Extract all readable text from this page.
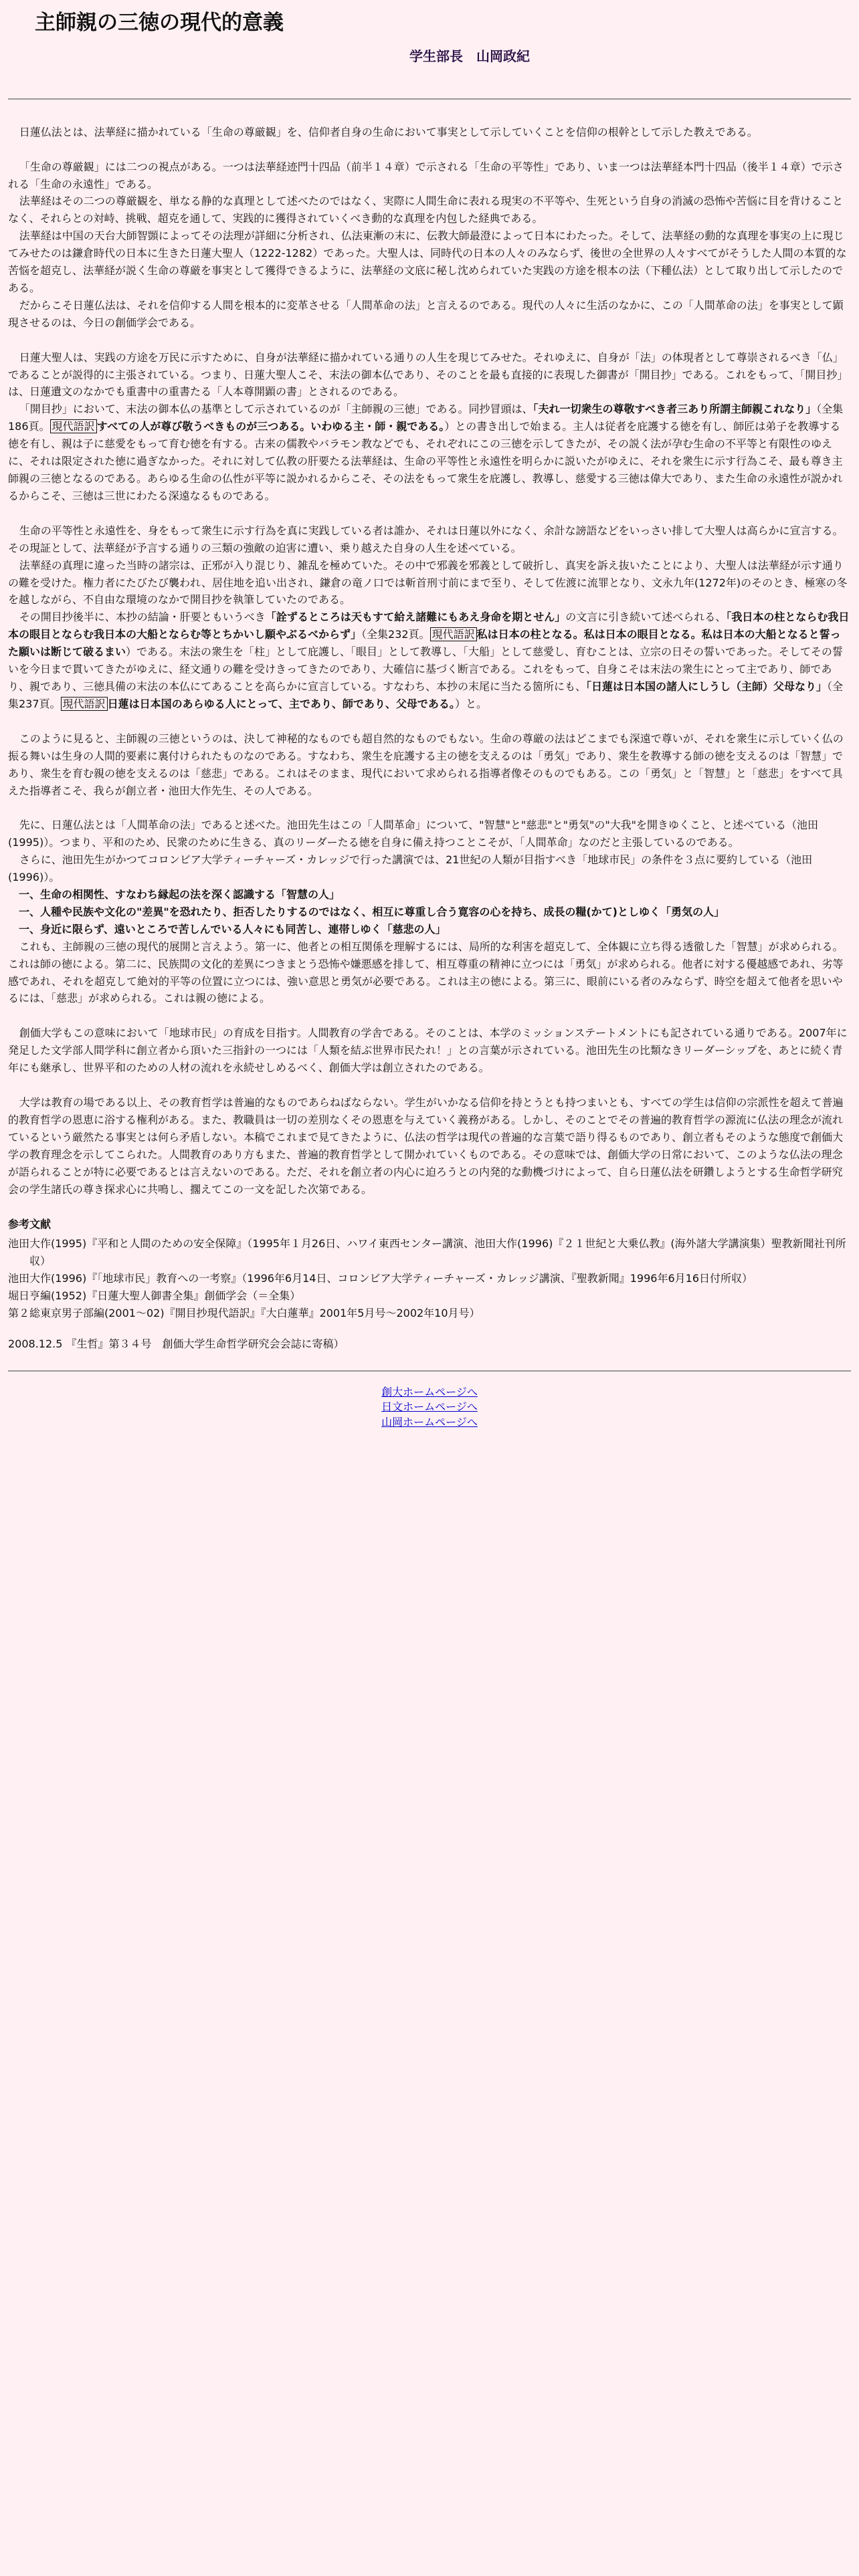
主師親の三徳の現代的意義
学生部長　山岡政紀

日蓮仏法とは、法華経に描かれている「生命の尊厳観」を、信仰者自身の生命において事実として示していくことを信仰の根幹として示した教えである。

「生命の尊厳観」には二つの視点がある。一つは法華経迹門十四品（前半１４章）で示される「生命の平等性」であり、いま一つは法華経本門十四品（後半１４章）で示される「生命の永遠性」である。

法華経はその二つの尊厳観を、単なる静的な真理として述べたのではなく、実際に人間生命に表れる現実の不平等や、生死という自身の消滅の恐怖や苦悩に目を背けることなく、それらとの対峙、挑戦、超克を通して、実践的に獲得されていくべき動的な真理を内包した経典である。

法華経は中国の天台大師智顗によってその法理が詳細に分析され、仏法東漸の末に、伝教大師最澄によって日本にわたった。そして、法華経の動的な真理を事実の上に現じてみせたのは鎌倉時代の日本に生きた日蓮大聖人（1222-1282）であった。大聖人は、同時代の日本の人々のみならず、後世の全世界の人々すべてがそうした人間の本質的な苦悩を超克し、法華経が説く生命の尊厳を事実として獲得できるように、法華経の文底に秘し沈められていた実践の方途を根本の法（下種仏法）として取り出して示したのである。

だからこそ日蓮仏法は、それを信仰する人間を根本的に変革させる「人間革命の法」と言えるのである。現代の人々に生活のなかに、この「人間革命の法」を事実として顕現させるのは、今日の創価学会である。

日蓮大聖人は、実践の方途を万民に示すために、自身が法華経に描かれている通りの人生を現じてみせた。それゆえに、自身が「法」の体現者として尊崇されるべき「仏」であることが説得的に主張されている。つまり、日蓮大聖人こそ、末法の御本仏であり、そのことを最も直接的に表現した御書が「開目抄」である。これをもって、「開目抄」は、日蓮遺文のなかでも重書中の重書たる「人本尊開顕の書」とされるのである。

「開目抄」において、末法の御本仏の基準として示されているのが「主師親の三徳」である。同抄冒頭は、「夫れ一切衆生の尊敬すべき者三あり所謂主師親これなり」（全集186頁。 現代語訳 すべての人が尊び敬うべきものが三つある。いわゆる主・師・親である。）との書き出しで始まる。主人は従者を庇護する徳を有し、師匠は弟子を教導する徳を有し、親は子に慈愛をもって育む徳を有する。古来の儒教やバラモン教などでも、それぞれにこの三徳を示してきたが、その説く法が孕む生命の不平等と有限性のゆえに、それは限定された徳に過ぎなかった。それに対して仏教の肝要たる法華経は、生命の平等性と永遠性を明らかに説いたがゆえに、それを衆生に示す行為こそ、最も尊き主師親の三徳となるのである。あらゆる生命の仏性が平等に説かれるからこそ、その法をもって衆生を庇護し、教導し、慈愛する三徳は偉大であり、また生命の永遠性が説かれるからこそ、三徳は三世にわたる深遠なるものである。

生命の平等性と永遠性を、身をもって衆生に示す行為を真に実践している者は誰か、それは日蓮以外になく、余計な謗語などをいっさい排して大聖人は高らかに宣言する。その現証として、法華経が予言する通りの三類の強敵の迫害に遭い、乗り越えた自身の人生を述べている。

法華経の真理に違った当時の諸宗は、正邪が入り混じり、雑乱を極めていた。その中で邪義を邪義として破折し、真実を訴え抜いたことにより、大聖人は法華経が示す通りの難を受けた。権力者にたびたび襲われ、居住地を追い出され、鎌倉の竜ノ口では斬首刑寸前にまで至り、そして佐渡に流罪となり、文永九年(1272年)のそのとき、極寒の冬を越しながら、不自由な環境のなかで開目抄を執筆していたのである。

その開目抄後半に、本抄の結論・肝要ともいうべき「詮ずるところは天もすて給え諸難にもあえ身命を期とせん」の文言に引き続いて述べられる、「我日本の柱とならむ我日本の眼目とならむ我日本の大船とならむ等とちかいし願やぶるべからず」（全集232頁。 現代語訳 私は日本の柱となる。私は日本の眼目となる。私は日本の大船となると誓った願いは断じて破るまい）である。末法の衆生を「柱」として庇護し、「眼目」として教導し、「大船」として慈愛し、育むことは、立宗の日その誓いであった。そしてその誓いを今日まで貫いてきたがゆえに、経文通りの難を受けきってきたのであり、大確信に基づく断言である。これをもって、自身こそは末法の衆生にとって主であり、師であり、親であり、三徳具備の末法の本仏にてあることを高らかに宣言している。すなわち、本抄の末尾に当たる箇所にも、「日蓮は日本国の諸人にしうし（主師）父母なり」（全集237頁。 現代語訳 日蓮は日本国のあらゆる人にとって、主であり、師であり、父母である。）と。

このように見ると、主師親の三徳というのは、決して神秘的なものでも超自然的なものでもない。生命の尊厳の法はどこまでも深遠で尊いが、それを衆生に示していく仏の振る舞いは生身の人間的要素に裏付けられたものなのである。すなわち、衆生を庇護する主の徳を支えるのは「勇気」であり、衆生を教導する師の徳を支えるのは「智慧」であり、衆生を育む親の徳を支えるのは「慈悲」である。これはそのまま、現代において求められる指導者像そのものでもある。この「勇気」と「智慧」と「慈悲」をすべて具えた指導者こそ、我らが創立者・池田大作先生、その人である。

先に、日蓮仏法とは「人間革命の法」であると述べた。池田先生はこの「人間革命」について、"智慧"と"慈悲"と"勇気"の"大我"を開きゆくこと、と述べている（池田(1995)）。つまり、平和のため、民衆のために生きる、真のリーダーたる徳を自身に備え持つことこそが、「人間革命」なのだと主張しているのである。

さらに、池田先生がかつてコロンビア大学ティーチャーズ・カレッジで行った講演では、21世紀の人類が目指すべき「地球市民」の条件を３点に要約している（池田(1996)）。

一、生命の相関性、すなわち縁起の法を深く認識する「智慧の人」

一、人種や民族や文化の"差異"を恐れたり、拒否したりするのではなく、相互に尊重し合う寛容の心を持ち、成長の糧(かて)としゆく「勇気の人」

一、身近に限らず、遠いところで苦しんでいる人々にも同苦し、連帯しゆく「慈悲の人」

これも、主師親の三徳の現代的展開と言えよう。第一に、他者との相互関係を理解するには、局所的な利害を超克して、全体観に立ち得る透徹した「智慧」が求められる。これは師の徳による。第二に、民族間の文化的差異につきまとう恐怖や嫌悪感を排して、相互尊重の精神に立つには「勇気」が求められる。他者に対する優越感であれ、劣等感であれ、それを超克して絶対的平等の位置に立つには、強い意思と勇気が必要である。これは主の徳による。第三に、眼前にいる者のみならず、時空を超えて他者を思いやるには、「慈悲」が求められる。これは親の徳による。

創価大学もこの意味において「地球市民」の育成を目指す。人間教育の学舎である。そのことは、本学のミッションステートメントにも記されている通りである。2007年に発足した文学部人間学科に創立者から頂いた三指針の一つには「人類を結ぶ世界市民たれ！」との言葉が示されている。池田先生の比類なきリーダーシップを、あとに続く青年にも継承し、世界平和のための人材の流れを永続せしめるべく、創価大学は創立されたのである。

大学は教育の場である以上、その教育哲学は普遍的なものであらねばならない。学生がいかなる信仰を持とうとも持つまいとも、すべての学生は信仰の宗派性を超えて普遍的教育哲学の恩恵に浴する権利がある。また、教職員は一切の差別なくその恩恵を与えていく義務がある。しかし、そのことでその普遍的教育哲学の源流に仏法の理念が流れているという厳然たる事実とは何ら矛盾しない。本稿でこれまで見てきたように、仏法の哲学は現代の普遍的な言葉で語り得るものであり、創立者もそのような態度で創価大学の教育理念を示してこられた。人間教育のあり方もまた、普遍的教育哲学として開かれていくものである。その意味では、創価大学の日常において、このような仏法の理念が語られることが特に必要であるとは言えないのである。ただ、それを創立者の内心に迫ろうとの内発的な動機づけによって、自ら日蓮仏法を研鑽しようとする生命哲学研究会の学生諸氏の尊き探求心に共鳴し、擱えてこの一文を記した次第である。

参考文献

池田大作(1995)『平和と人間のための安全保障』（1995年１月26日、ハワイ東西センター講演、池田大作(1996)『２１世紀と大乗仏教』(海外諸大学講演集）聖教新聞社刊所収）

池田大作(1996)『「地球市民」教育への一考察』（1996年6月14日、コロンビア大学ティーチャーズ・カレッジ講演、『聖教新聞』1996年6月16日付所収）

堀日亨編(1952)『日蓮大聖人御書全集』創価学会（＝全集）

第２総東京男子部編(2001〜02)『開目抄現代語訳』『大白蓮華』2001年5月号〜2002年10月号）

2008.12.5 『生哲』第３４号　創価大学生命哲学研究会会誌に寄稿）

創大ホームページへ
日文ホームページへ
山岡ホームページへ
